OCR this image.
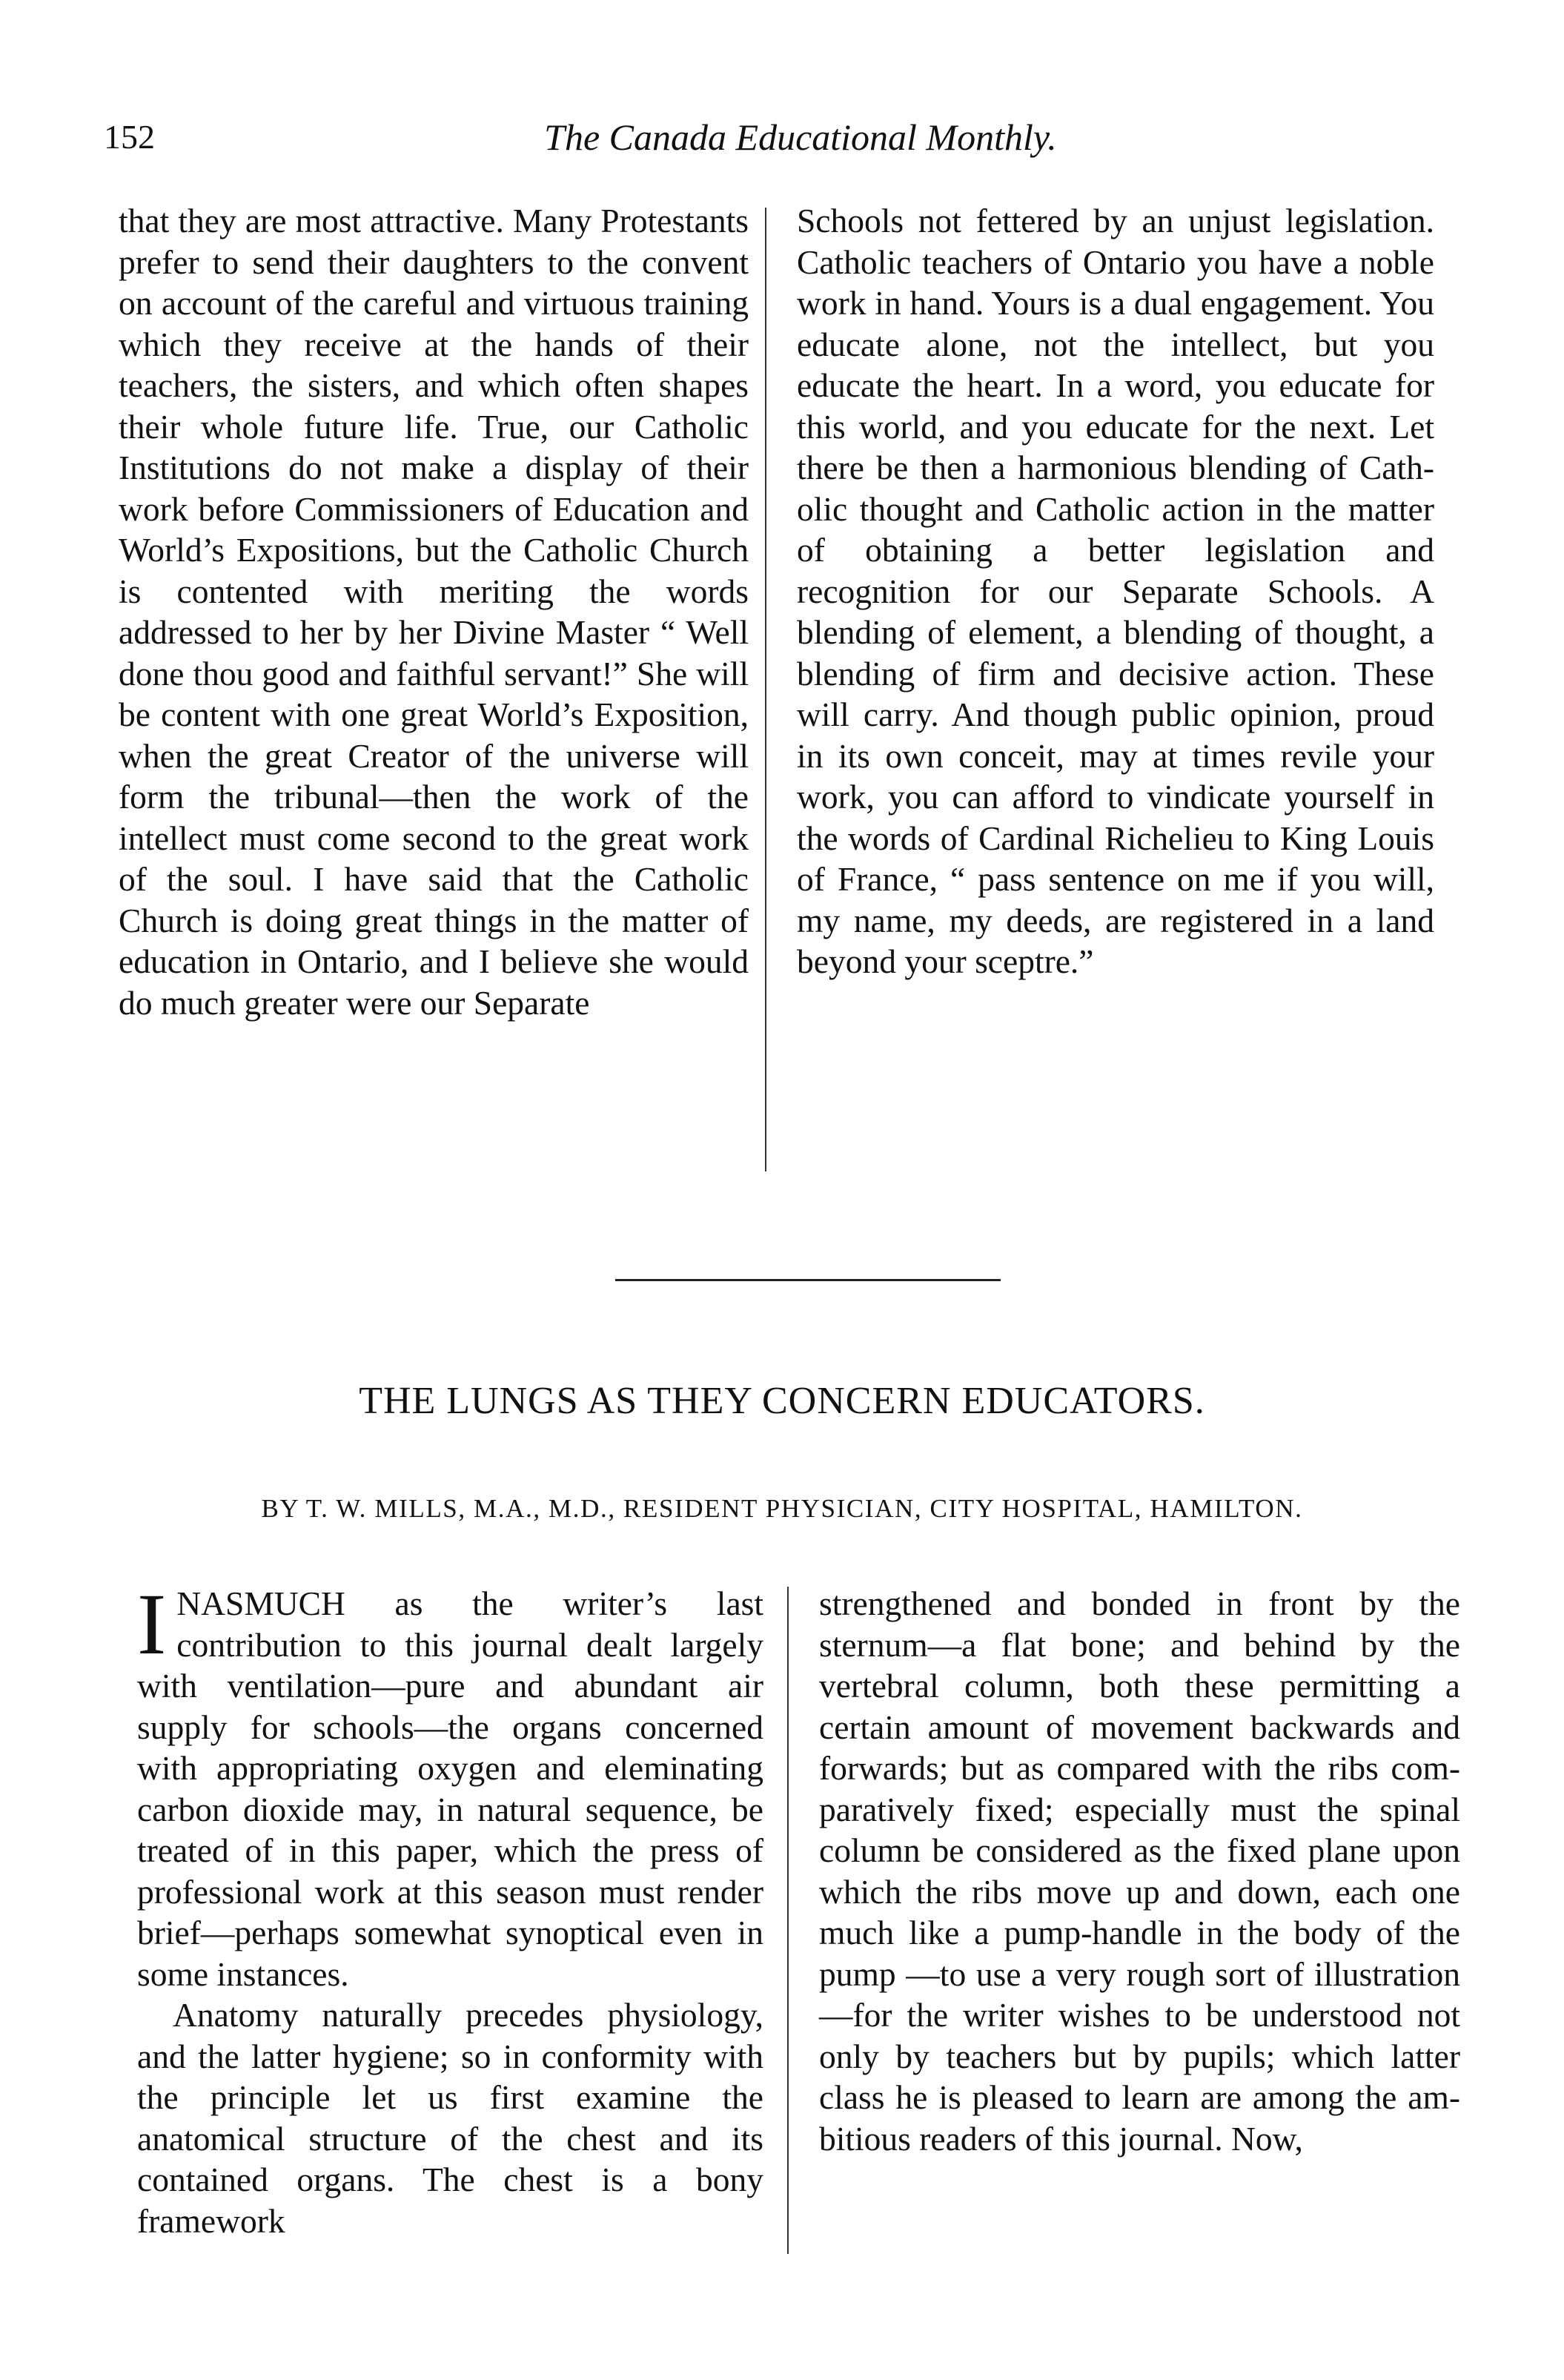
152	The Canada Educational Monthly.

that they are most attractive. Many Protestants prefer to send their daughters to the convent on account of the careful and virtuous training which they receive at the hands of their teachers, the sisters, and which often shapes their whole future life. True, our Catholic Institutions do not make a display of their work before Commissioners of Education and World’s Expositions, but the Catholic Church is contented with meriting the words addressed to her by her Divine Master “ Well done thou good and faithful servant!” She will be content with one great World’s Exposition, when the great Creator of the universe will form the tribunal—then the work of the intellect must come second to the great work of the soul. I have said that the Catholic Church is doing great things in the matter of education in Ontario, and I believe she would do much greater were our Separate

Schools not fettered by an unjust legislation. Catholic teachers of Ontario you have a noble work in hand. Yours is a dual engagement. You educate alone, not the intellect, but you educate the heart. In a word, you educate for this world, and you educate for the next. Let there be then a harmonious blending of Catholic thought and Catholic action in the matter of obtaining a better legislation and recognition for our Separate Schools. A blending of element, a blending of thought, a blending of firm and decisive action. These will carry. And though public opinion, proud in its own conceit, may at times revile your work, you can afford to vindicate yourself in the words of Cardinal Richelieu to King Louis of France, “ pass sentence on me if you will, my name, my deeds, are registered in a land beyond your sceptre.”

THE LUNGS AS THEY CONCERN EDUCATORS.
BY T. W. MILLS, M.A., M.D., RESIDENT PHYSICIAN, CITY HOSPITAL, HAMILTON.

INASMUCH as the writer’s last contribution to this journal dealt largely with ventilation—pure and abundant air supply for schools—the organs concerned with appropriating oxygen and eleminating carbon dioxide may, in natural sequence, be treated of in this paper, which the press of professional work at this season must render brief—perhaps somewhat synoptical even in some instances.

Anatomy naturally precedes physiology, and the latter hygiene; so in conformity with the principle let us first examine the anatomical structure of the chest and its contained organs. The chest is a bony framework

strengthened and bonded in front by the sternum—a flat bone; and behind by the vertebral column, both these permitting a certain amount of movement backwards and forwards; but as compared with the ribs comparatively fixed; especially must the spinal column be considered as the fixed plane upon which the ribs move up and down, each one much like a pump-handle in the body of the pump —to use a very rough sort of illustration—for the writer wishes to be understood not only by teachers but by pupils; which latter class he is pleased to learn are among the ambitious readers of this journal. Now,
